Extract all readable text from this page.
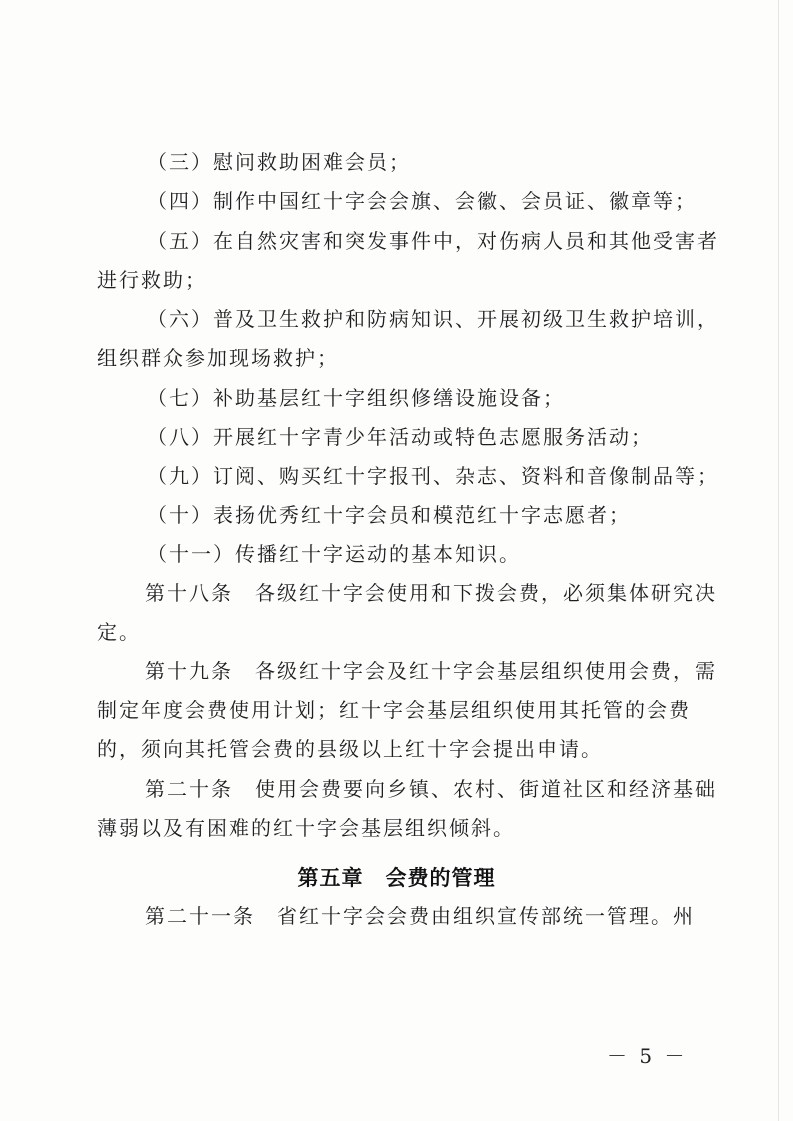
（三）慰问救助困难会员；
（四）制作中国红十字会会旗、会徽、会员证、徽章等；
（五）在自然灾害和突发事件中，对伤病人员和其他受害者
进行救助；
（六）普及卫生救护和防病知识、开展初级卫生救护培训，
组织群众参加现场救护；
（七）补助基层红十字组织修缮设施设备；
（八）开展红十字青少年活动或特色志愿服务活动；
（九）订阅、购买红十字报刊、杂志、资料和音像制品等；
（十）表扬优秀红十字会员和模范红十字志愿者；
（十一）传播红十字运动的基本知识。
第十八条　各级红十字会使用和下拨会费，必须集体研究决
定。
第十九条　各级红十字会及红十字会基层组织使用会费，需
制定年度会费使用计划；红十字会基层组织使用其托管的会费
的，须向其托管会费的县级以上红十字会提出申请。
第二十条　使用会费要向乡镇、农村、街道社区和经济基础
薄弱以及有困难的红十字会基层组织倾斜。
第五章　会费的管理
第二十一条　省红十字会会费由组织宣传部统一管理。州
－ 5 －
